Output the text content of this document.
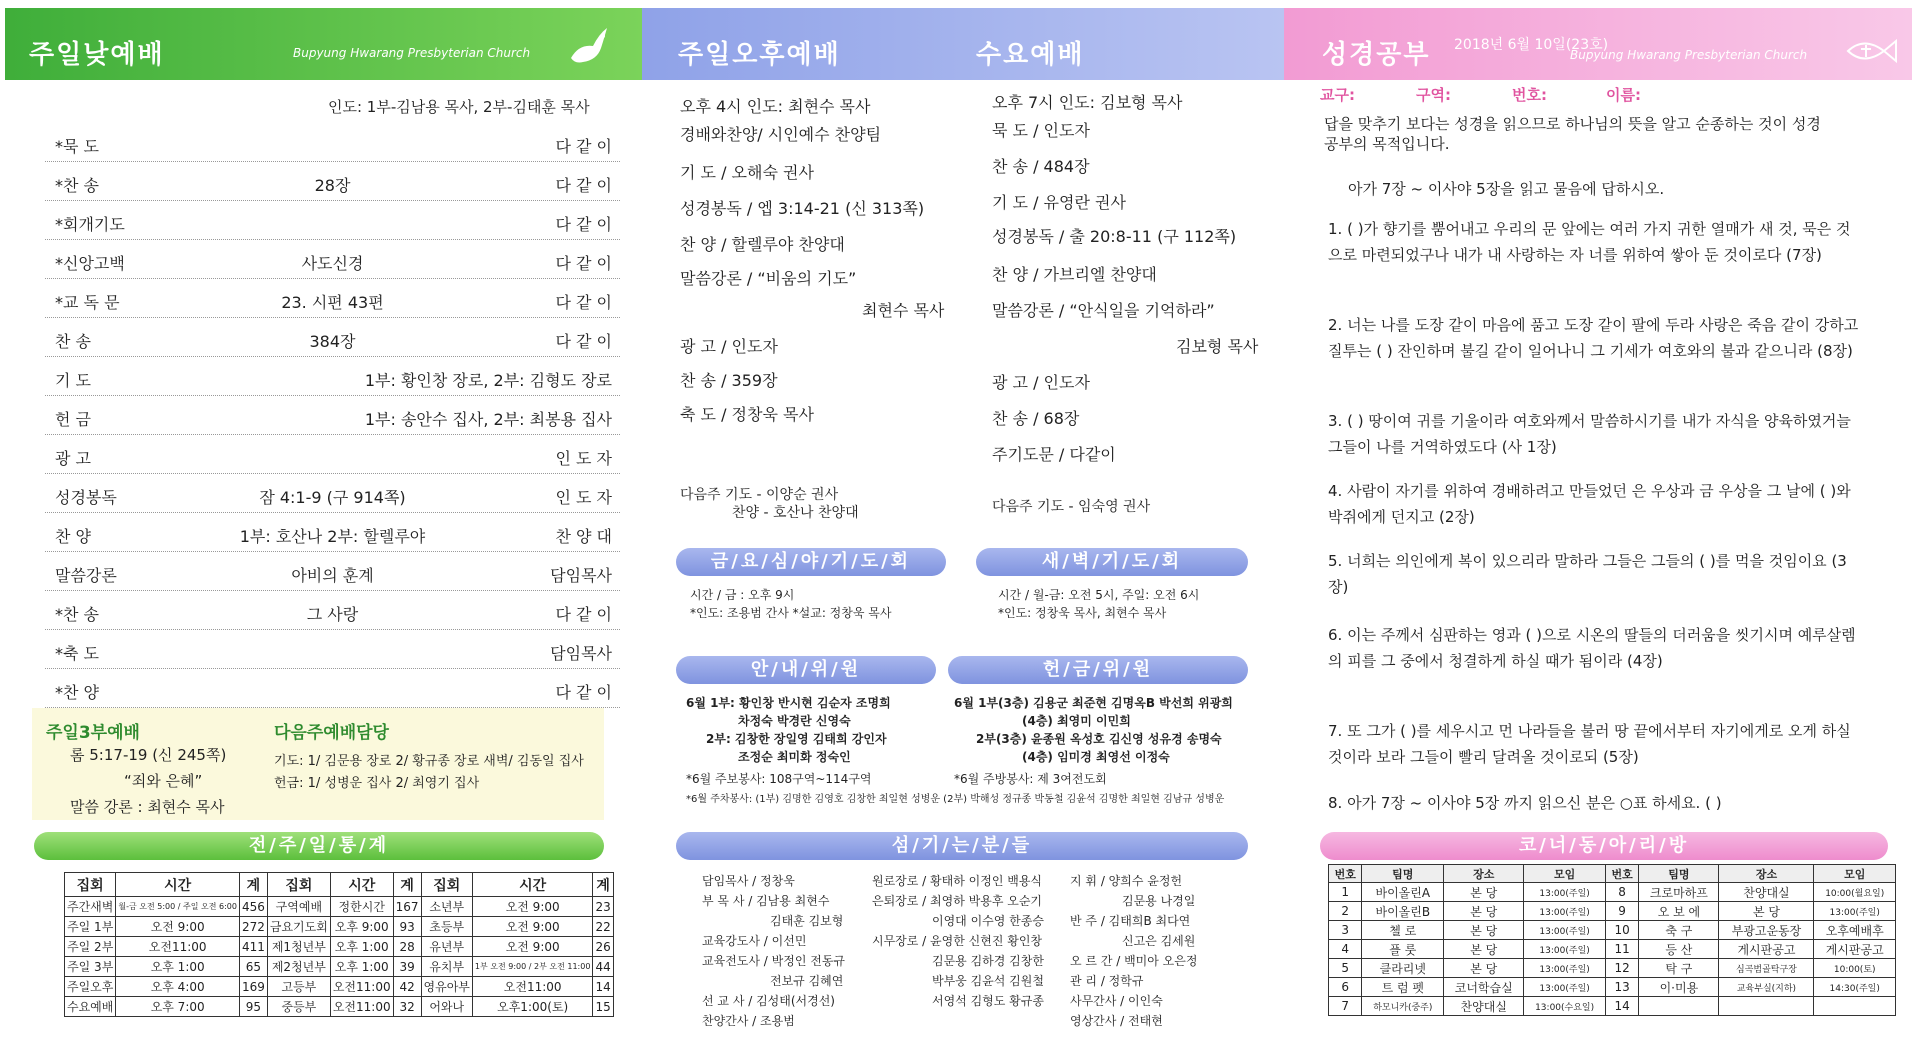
주일낮예배	Bupyung Hwarang Presbyterian Church
인도: 1부-김남용 목사, 2부-김태훈 목사
*묵 도	다 같 이
*찬 송	28장	다 같 이
*회개기도	다 같 이
*신앙고백	사도신경	다 같 이
*교 독 문	23. 시편 43편	다 같 이
찬 송	384장	다 같 이
기 도	1부: 황인창 장로, 2부: 김형도 장로
헌 금	1부: 송안수 집사, 2부: 최봉용 집사
광 고	인 도 자
성경봉독	잠 4:1-9 (구 914쪽)	인 도 자
찬 양	1부: 호산나 2부: 할렐루야	찬 양 대
말씀강론	아비의 훈계	담임목사
*찬 송	그 사랑	다 같 이
*축 도	담임목사
*찬 양	다 같 이
주일3부예배
롬 5:17-19 (신 245쪽)
“죄와 은혜”
말씀 강론 : 최현수 목사
다음주예배담당
기도: 1/ 김문용 장로 2/ 황규종 장로 새벽/ 김동일 집사
헌금: 1/ 성병운 집사 2/ 최영기 집사
전/주/일/통/계
집회	시간	계	집회	시간	계	집회	시간	계
주간새벽	월-금 오전 5:00 / 주일 오전 6:00	456	구역예배	정한시간	167	소년부	오전 9:00	23
주일 1부	오전 9:00	272	금요기도회	오후 9:00	93	초등부	오전 9:00	22
주일 2부	오전11:00	411	제1청년부	오후 1:00	28	유년부	오전 9:00	26
주일 3부	오후 1:00	65	제2청년부	오후 1:00	39	유치부	1부 오전 9:00 / 2부 오전 11:00	44
주일오후	오후 4:00	169	고등부	오전11:00	42	영유아부	오전11:00	14
수요예배	오후 7:00	95	중등부	오전11:00	32	어와나	오후1:00(토)	15
주일오후예배	수요예배
오후 4시 인도: 최현수 목사
경배와찬양/ 시인예수 찬양팀
기 도 / 오해숙 권사
성경봉독 / 엡 3:14-21 (신 313쪽)
찬 양 / 할렐루야 찬양대
말씀강론 / “비움의 기도”
최현수 목사
광 고 / 인도자
찬 송 / 359장
축 도 / 정창욱 목사
오후 7시 인도: 김보형 목사
묵 도 / 인도자
찬 송 / 484장
기 도 / 유영란 권사
성경봉독 / 출 20:8-11 (구 112쪽)
찬 양 / 가브리엘 찬양대
말씀강론 / “안식일을 기억하라”
김보형 목사
광 고 / 인도자
찬 송 / 68장
주기도문 / 다같이
다음주 기도 - 이양순 권사
찬양 - 호산나 찬양대	다음주 기도 - 임숙영 권사
금/요/심/야/기/도/회
시간 / 금 : 오후 9시
*인도: 조용범 간사 *설교: 정창욱 목사
새/벽/기/도/회
시간 / 월-금: 오전 5시, 주일: 오전 6시
*인도: 정창욱 목사, 최현수 목사
안/내/위/원
6월 1부: 황인창 반시현 김순자 조명희
차정숙 박경란 신영숙
2부: 김창한 장일영 김태희 강인자
조정순 최미화 정숙인
*6월 주보봉사: 108구역~114구역
헌/금/위/원
6월 1부(3층) 김용군 최준현 김명옥B 박선희 위광희
(4층) 최영미 이민희
2부(3층) 윤종원 옥성호 김신영 성유경 송명숙
(4층) 임미경 최영선 이정숙
*6월 주방봉사: 제 3여전도회
*6월 주차봉사: (1부) 김명한 김영호 김창한 최일현 성병운 (2부) 박해성 정규종 박동철 김윤석 김명한 최일현 김남규 성병운
섬/기/는/분/들
담임목사 / 정창욱
부 목 사 / 김남용 최현수
김태훈 김보형
교육강도사 / 이선민
교육전도사 / 박정인 전동규
전보규 김혜연
선 교 사 / 김성태(서경선)
찬양간사 / 조용범
원로장로 / 황태하 이정인 백용식
은퇴장로 / 최영하 박용후 오순기
이영대 이수영 한종승
시무장로 / 윤영한 신현진 황인창
김문용 김하경 김창한
박부웅 김윤석 김원철
서영석 김형도 황규종
지 휘 / 양희수 윤정헌
김문용 나경일
반 주 / 김태희B 최다연
신고은 김세원
오 르 간 / 백미아 오은정
관 리 / 정학규
사무간사 / 이인숙
영상간사 / 전태현
성경공부 2018년 6월 10일(23호)
Bupyung Hwarang Presbyterian Church
교구:	구역:	번호:	이름:
답을 맞추기 보다는 성경을 읽으므로 하나님의 뜻을 알고 순종하는 것이 성경공부의 목적입니다.
아가 7장 ~ 이사야 5장을 읽고 물음에 답하시오.
1. ( )가 향기를 뿜어내고 우리의 문 앞에는 여러 가지 귀한 열매가 새 것, 묵은 것으로 마련되었구나 내가 내 사랑하는 자 너를 위하여 쌓아 둔 것이로다 (7장)
2. 너는 나를 도장 같이 마음에 품고 도장 같이 팔에 두라 사랑은 죽음 같이 강하고 질투는 ( ) 잔인하며 불길 같이 일어나니 그 기세가 여호와의 불과 같으니라 (8장)
3. ( ) 땅이여 귀를 기울이라 여호와께서 말씀하시기를 내가 자식을 양육하였거늘 그들이 나를 거역하였도다 (사 1장)
4. 사람이 자기를 위하여 경배하려고 만들었던 은 우상과 금 우상을 그 날에 ( )와 박쥐에게 던지고 (2장)
5. 너희는 의인에게 복이 있으리라 말하라 그들은 그들의 ( )를 먹을 것임이요 (3장)
6. 이는 주께서 심판하는 영과 ( )으로 시온의 딸들의 더러움을 씻기시며 예루살렘의 피를 그 중에서 청결하게 하실 때가 됨이라 (4장)
7. 또 그가 ( )를 세우시고 먼 나라들을 불러 땅 끝에서부터 자기에게로 오게 하실 것이라 보라 그들이 빨리 달려올 것이로되 (5장)
8. 아가 7장 ~ 이사야 5장 까지 읽으신 분은 ○표 하세요. ( )
코/너/동/아/리/방
번호	팀명	장소	모임	번호	팀명	장소	모임
1	바이올린A	본 당	13:00(주일)	8	크로마하프	찬양대실	10:00(월요일)
2	바이올린B	본 당	13:00(주일)	9	오 보 에	본 당	13:00(주일)
3	첼 로	본 당	13:00(주일)	10	축 구	부광고운동장	오후예배후
4	플 룻	본 당	13:00(주일)	11	등 산	게시판공고	게시판공고
5	클라리넷	본 당	13:00(주일)	12	탁 구	심곡범골탁구장	10:00(토)
6	트 럼 펫	코너학습실	13:00(주일)	13	이·미용	교육부실(지하)	14:30(주일)
7	하모니카(중주)	찬양대실	13:00(수요일)	14			
